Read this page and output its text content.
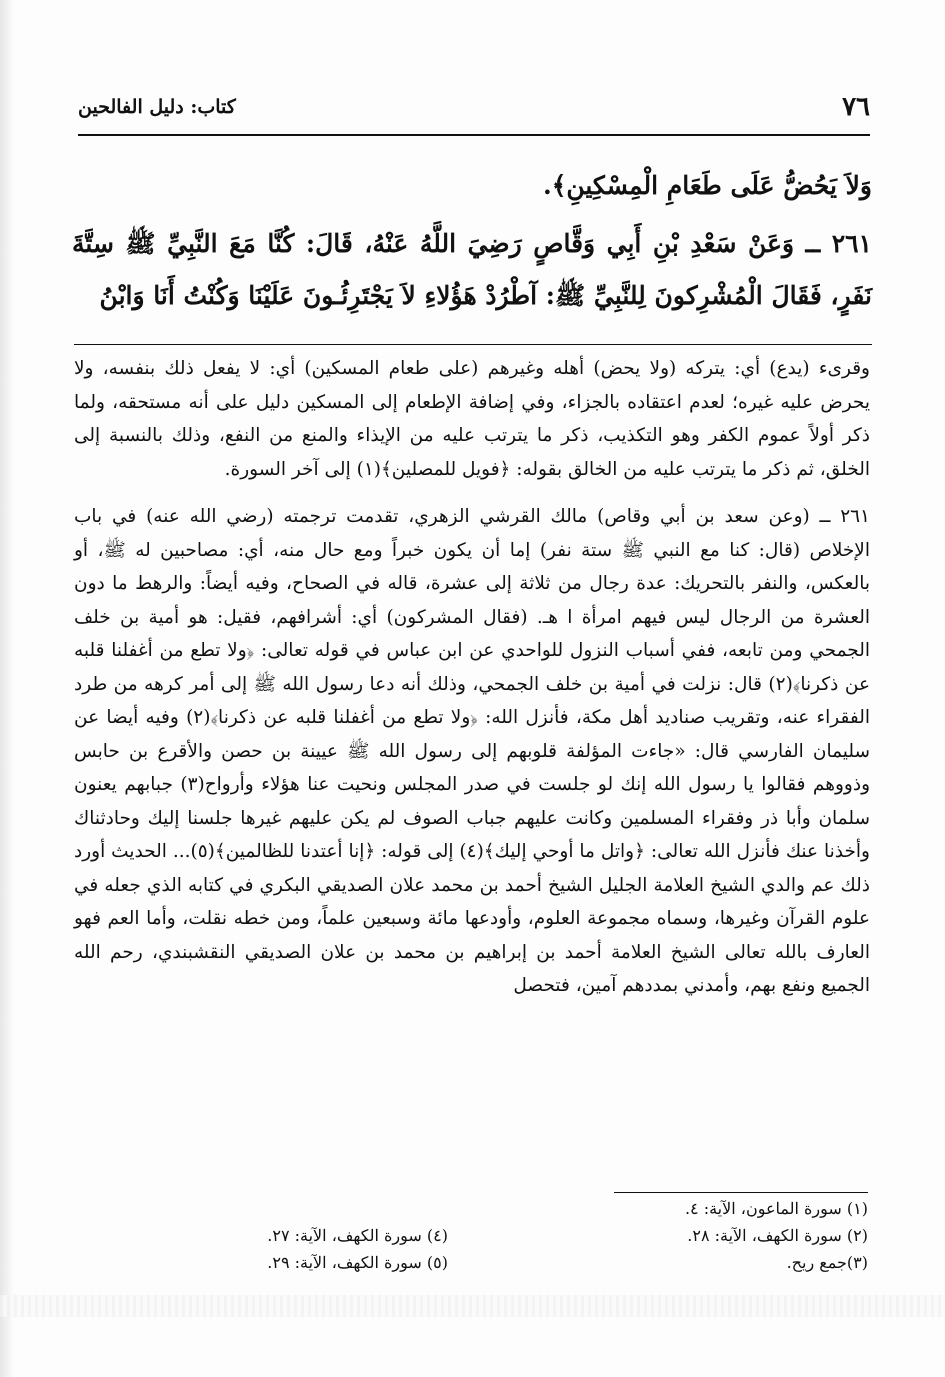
٧٦
كتاب: دليل الفالحين

وَلاَ يَحُضُّ عَلَى طَعَامِ الْمِسْكِينِ﴾.

٢٦١ ــ وَعَنْ سَعْدِ بْنِ أَبِي وَقَّاصٍ رَضِيَ اللَّهُ عَنْهُ، قَالَ: كُنَّا مَعَ النَّبِيِّ ﷺ سِتَّةَ نَفَرٍ، فَقَالَ الْمُشْرِكونَ لِلنَّبِيِّ ﷺ: آطْرُدْ هَؤُلاءِ لاَ يَجْتَرِئُـونَ عَلَيْنَا وَكُنْتُ أَنَا وَابْنُ

وقرىء (يدع) أي: يتركه (ولا يحض) أهله وغيرهم (على طعام المسكين) أي: لا يفعل ذلك بنفسه، ولا يحرض عليه غيره؛ لعدم اعتقاده بالجزاء، وفي إضافة الإطعام إلى المسكين دليل على أنه مستحقه، ولما ذكر أولاً عموم الكفر وهو التكذيب، ذكر ما يترتب عليه من الإيذاء والمنع من النفع، وذلك بالنسبة إلى الخلق، ثم ذكر ما يترتب عليه من الخالق بقوله: ﴿فويل للمصلين﴾(١) إلى آخر السورة.

٢٦١ ــ (وعن سعد بن أبي وقاص) مالك القرشي الزهري، تقدمت ترجمته (رضي الله عنه) في باب الإخلاص (قال: كنا مع النبي ﷺ ستة نفر) إما أن يكون خبراً ومع حال منه، أي: مصاحبين له ﷺ، أو بالعكس، والنفر بالتحريك: عدة رجال من ثلاثة إلى عشرة، قاله في الصحاح، وفيه أيضاً: والرهط ما دون العشرة من الرجال ليس فيهم امرأة ا هـ. (فقال المشركون) أي: أشرافهم، فقيل: هو أمية بن خلف الجمحي ومن تابعه، ففي أسباب النزول للواحدي عن ابن عباس في قوله تعالى: ﴿ولا تطع من أغفلنا قلبه عن ذكرنا﴾(٢) قال: نزلت في أمية بن خلف الجمحي، وذلك أنه دعا رسول الله ﷺ إلى أمر كرهه من طرد الفقراء عنه، وتقريب صناديد أهل مكة، فأنزل الله: ﴿ولا تطع من أغفلنا قلبه عن ذكرنا﴾(٢) وفيه أيضا عن سليمان الفارسي قال: «جاءت المؤلفة قلوبهم إلى رسول الله ﷺ عيينة بن حصن والأقرع بن حابس وذووهم فقالوا يا رسول الله إنك لو جلست في صدر المجلس ونحيت عنا هؤلاء وأرواح(٣) جبابهم يعنون سلمان وأبا ذر وفقراء المسلمين وكانت عليهم جباب الصوف لم يكن عليهم غيرها جلسنا إليك وحادثناك وأخذنا عنك فأنزل الله تعالى: ﴿واتل ما أوحي إليك﴾(٤) إلى قوله: ﴿إنا أعتدنا للظالمين﴾(٥)... الحديث أورد ذلك عم والدي الشيخ العلامة الجليل الشيخ أحمد بن محمد علان الصديقي البكري في كتابه الذي جعله في علوم القرآن وغيرها، وسماه مجموعة العلوم، وأودعها مائة وسبعين علماً، ومن خطه نقلت، وأما العم فهو العارف بالله تعالى الشيخ العلامة أحمد بن إبراهيم بن محمد بن علان الصديقي النقشبندي، رحم الله الجميع ونفع بهم، وأمدني بمددهم آمين، فتحصل

(١) سورة الماعون، الآية: ٤.
(٢) سورة الكهف، الآية: ٢٨.
(٣)جمع ريح.
(٤) سورة الكهف، الآية: ٢٧.
(٥) سورة الكهف، الآية: ٢٩.
